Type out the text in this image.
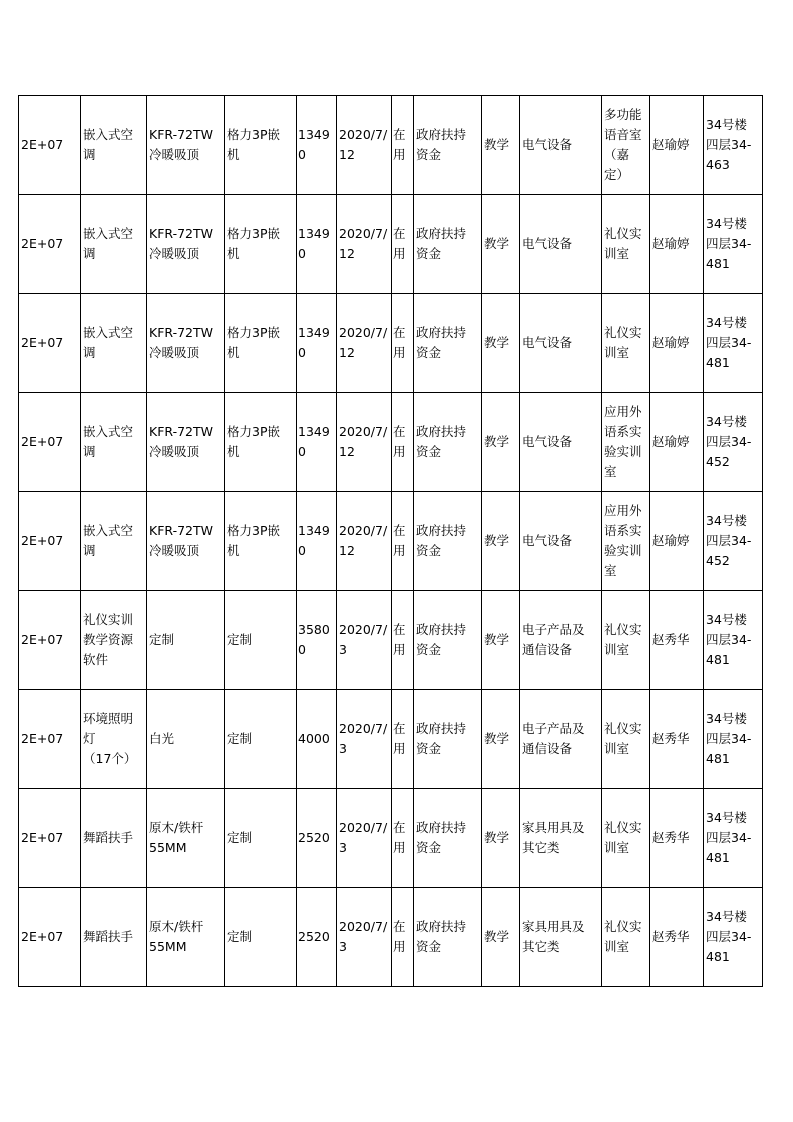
2E+07	嵌入式空
调	KFR-72TW
冷暖吸顶	格力3P嵌
机	13490	2020/7/
12	在
用	政府扶持
资金	教学	电气设备	多功能
语音室
（嘉
定）	赵瑜婷	34号楼
四层34-
463
2E+07	嵌入式空
调	KFR-72TW
冷暖吸顶	格力3P嵌
机	13490	2020/7/
12	在
用	政府扶持
资金	教学	电气设备	礼仪实
训室	赵瑜婷	34号楼
四层34-
481
2E+07	嵌入式空
调	KFR-72TW
冷暖吸顶	格力3P嵌
机	13490	2020/7/
12	在
用	政府扶持
资金	教学	电气设备	礼仪实
训室	赵瑜婷	34号楼
四层34-
481
2E+07	嵌入式空
调	KFR-72TW
冷暖吸顶	格力3P嵌
机	13490	2020/7/
12	在
用	政府扶持
资金	教学	电气设备	应用外
语系实
验实训
室	赵瑜婷	34号楼
四层34-
452
2E+07	嵌入式空
调	KFR-72TW
冷暖吸顶	格力3P嵌
机	13490	2020/7/
12	在
用	政府扶持
资金	教学	电气设备	应用外
语系实
验实训
室	赵瑜婷	34号楼
四层34-
452
2E+07	礼仪实训
教学资源
软件	定制	定制	35800	2020/7/
3	在
用	政府扶持
资金	教学	电子产品及
通信设备	礼仪实
训室	赵秀华	34号楼
四层34-
481
2E+07	环境照明
灯
（17个）	白光	定制	4000	2020/7/
3	在
用	政府扶持
资金	教学	电子产品及
通信设备	礼仪实
训室	赵秀华	34号楼
四层34-
481
2E+07	舞蹈扶手	原木/铁杆
55MM	定制	2520	2020/7/
3	在
用	政府扶持
资金	教学	家具用具及
其它类	礼仪实
训室	赵秀华	34号楼
四层34-
481
2E+07	舞蹈扶手	原木/铁杆
55MM	定制	2520	2020/7/
3	在
用	政府扶持
资金	教学	家具用具及
其它类	礼仪实
训室	赵秀华	34号楼
四层34-
481
